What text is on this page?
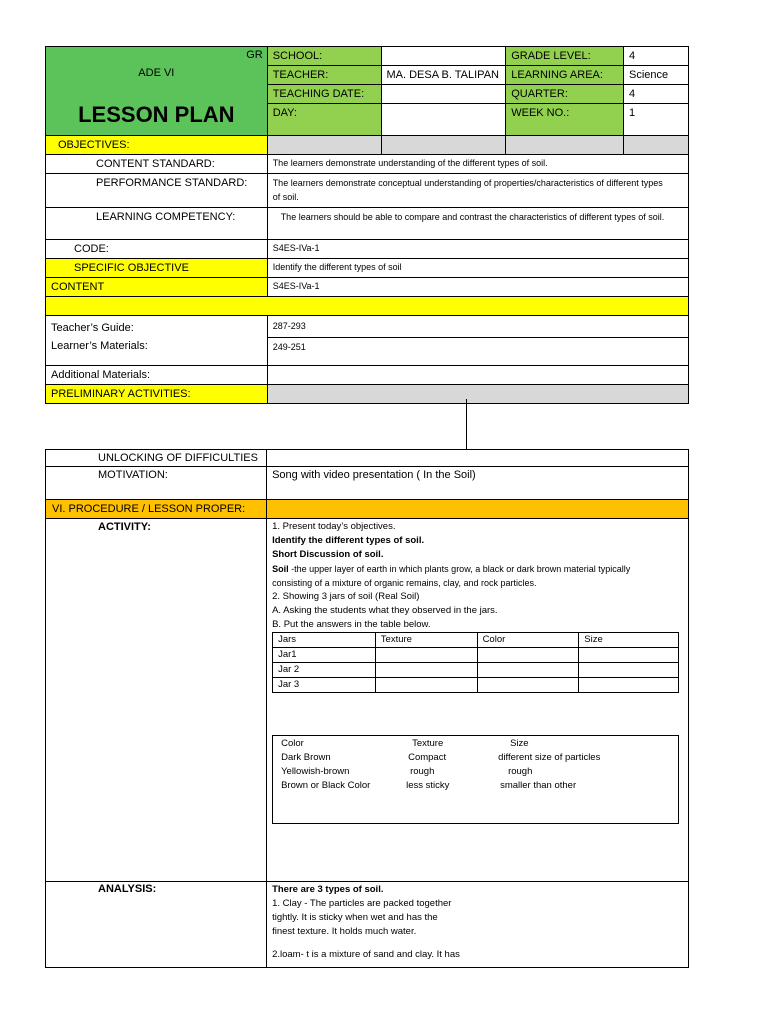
GR
ADE VI
LESSON PLAN	SCHOOL:		GRADE LEVEL:	4
	TEACHER:	MA. DESA B. TALIPAN	LEARNING AREA:	Science
	TEACHING DATE:		QUARTER:	4
	DAY:		WEEK NO.:	1
OBJECTIVES:				
CONTENT STANDARD:	The learners demonstrate understanding of the different types of soil.			
PERFORMANCE STANDARD:	The learners demonstrate conceptual understanding of properties/characteristics of different types of soil.			
LEARNING COMPETENCY:	The learners should be able to compare and contrast the characteristics of different types of soil.			
CODE:	S4ES-IVa-1			
SPECIFIC OBJECTIVE	Identify the different types of soil			
CONTENT	S4ES-IVa-1			

Teacher’s Guide:	287-293			
Learner’s Materials:	249-251			
Additional Materials:				
PRELIMINARY ACTIVITIES:				
UNLOCKING OF DIFFICULTIES	
MOTIVATION:	Song with video presentation ( In the Soil)
VI. PROCEDURE / LESSON PROPER:	
ACTIVITY:	1. Present today’s objectives.
Identify the different types of soil.
Short Discussion of soil.
Soil -the upper layer of earth in which plants grow, a black or dark brown material typically
consisting of a mixture of organic remains, clay, and rock particles.
2. Showing 3 jars of soil (Real Soil)
A. Asking the students what they observed in the jars.
B. Put the answers in the table below.
Jars	Texture	Color	Size
Jar1			
Jar 2			
Jar 3			
Color	Texture	Size
Dark Brown	Compact	different size of particles
Yellowish-brown	rough	rough
Brown or Black Color	less sticky	smaller than other

ANALYSIS:	There are 3 types of soil.
1. Clay - The particles are packed together
tightly. It is sticky when wet and has the
finest texture. It holds much water.
2.loam- t is a mixture of sand and clay. It has
